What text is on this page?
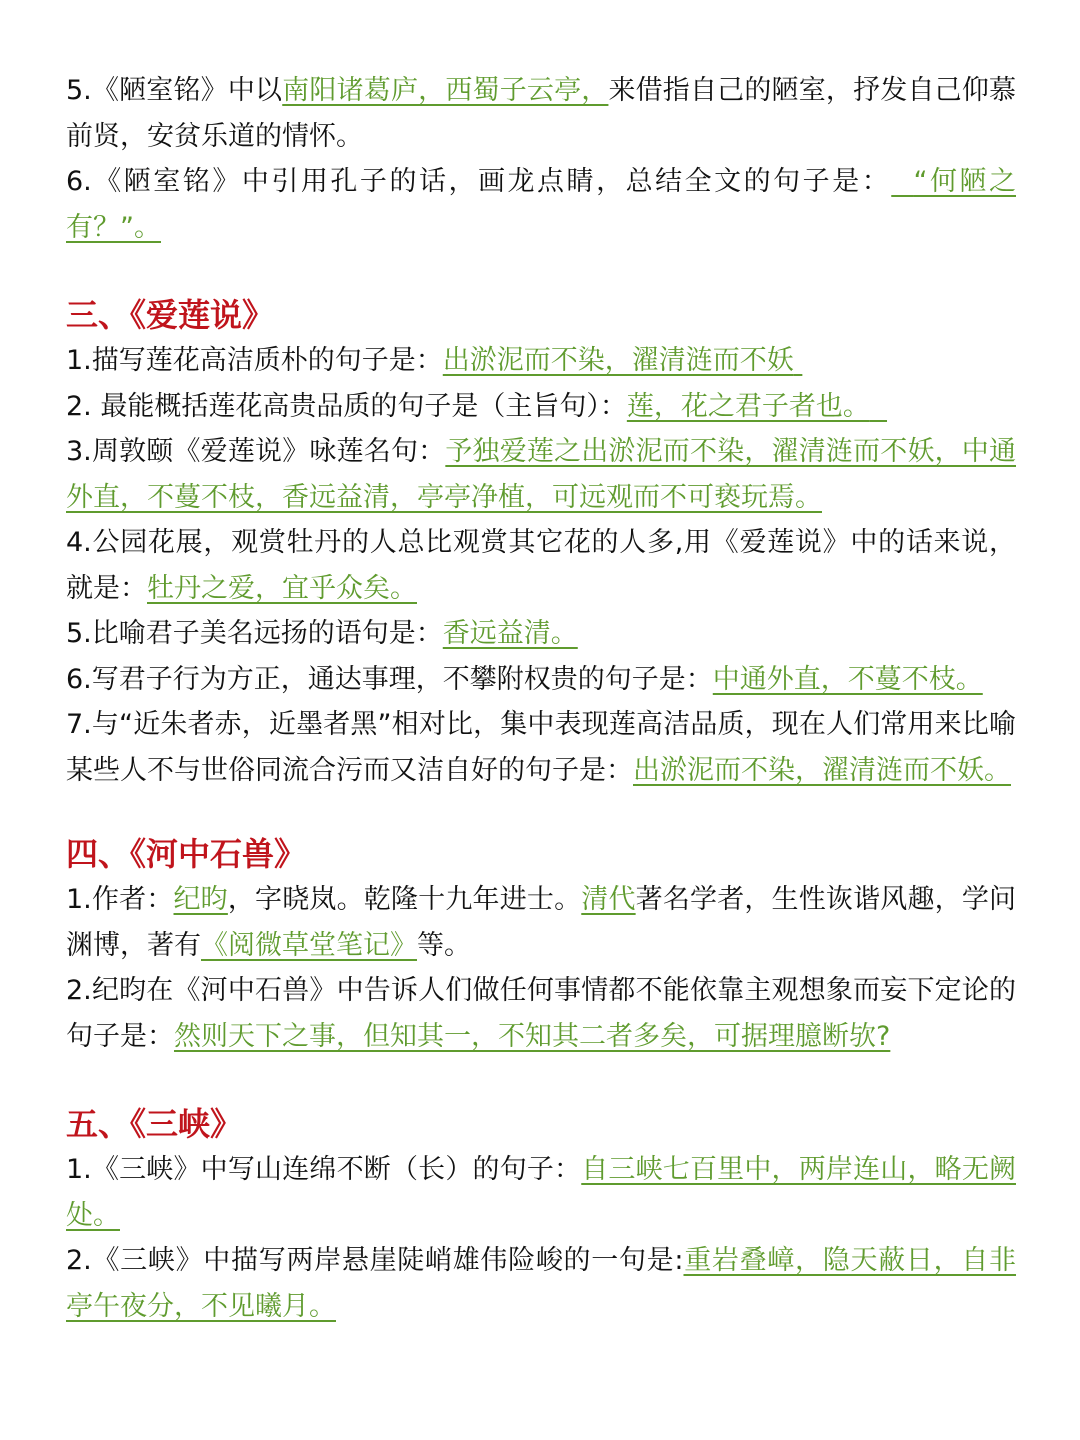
5.《陋室铭》中以南阳诸葛庐，西蜀子云亭，来借指自己的陋室，抒发自己仰慕前贤，安贫乐道的情怀。

6.《陋室铭》中引用孔子的话，画龙点睛，总结全文的句子是： “何陋之有？”。

三、《爱莲说》

1.描写莲花高洁质朴的句子是：出淤泥而不染，濯清涟而不妖

2. 最能概括莲花高贵品质的句子是（主旨句）：莲，花之君子者也。

3.周敦颐《爱莲说》咏莲名句：予独爱莲之出淤泥而不染，濯清涟而不妖，中通外直，不蔓不枝，香远益清，亭亭净植，可远观而不可亵玩焉。

4.公园花展，观赏牡丹的人总比观赏其它花的人多,用《爱莲说》中的话来说，就是：牡丹之爱，宜乎众矣。

5.比喻君子美名远扬的语句是：香远益清。

6.写君子行为方正，通达事理，不攀附权贵的句子是：中通外直，不蔓不枝。

7.与“近朱者赤，近墨者黑”相对比，集中表现莲高洁品质，现在人们常用来比喻某些人不与世俗同流合污而又洁自好的句子是：出淤泥而不染，濯清涟而不妖。

四、《河中石兽》

1.作者：纪昀，字晓岚。乾隆十九年进士。清代著名学者，生性诙谐风趣，学问渊博，著有《阅微草堂笔记》等。

2.纪昀在《河中石兽》中告诉人们做任何事情都不能依靠主观想象而妄下定论的句子是：然则天下之事，但知其一，不知其二者多矣，可据理臆断欤?

五、《三峡》

1.《三峡》中写山连绵不断（长）的句子：自三峡七百里中，两岸连山，略无阙处。

2.《三峡》中描写两岸悬崖陡峭雄伟险峻的一句是:重岩叠嶂，隐天蔽日，自非亭午夜分，不见曦月。
